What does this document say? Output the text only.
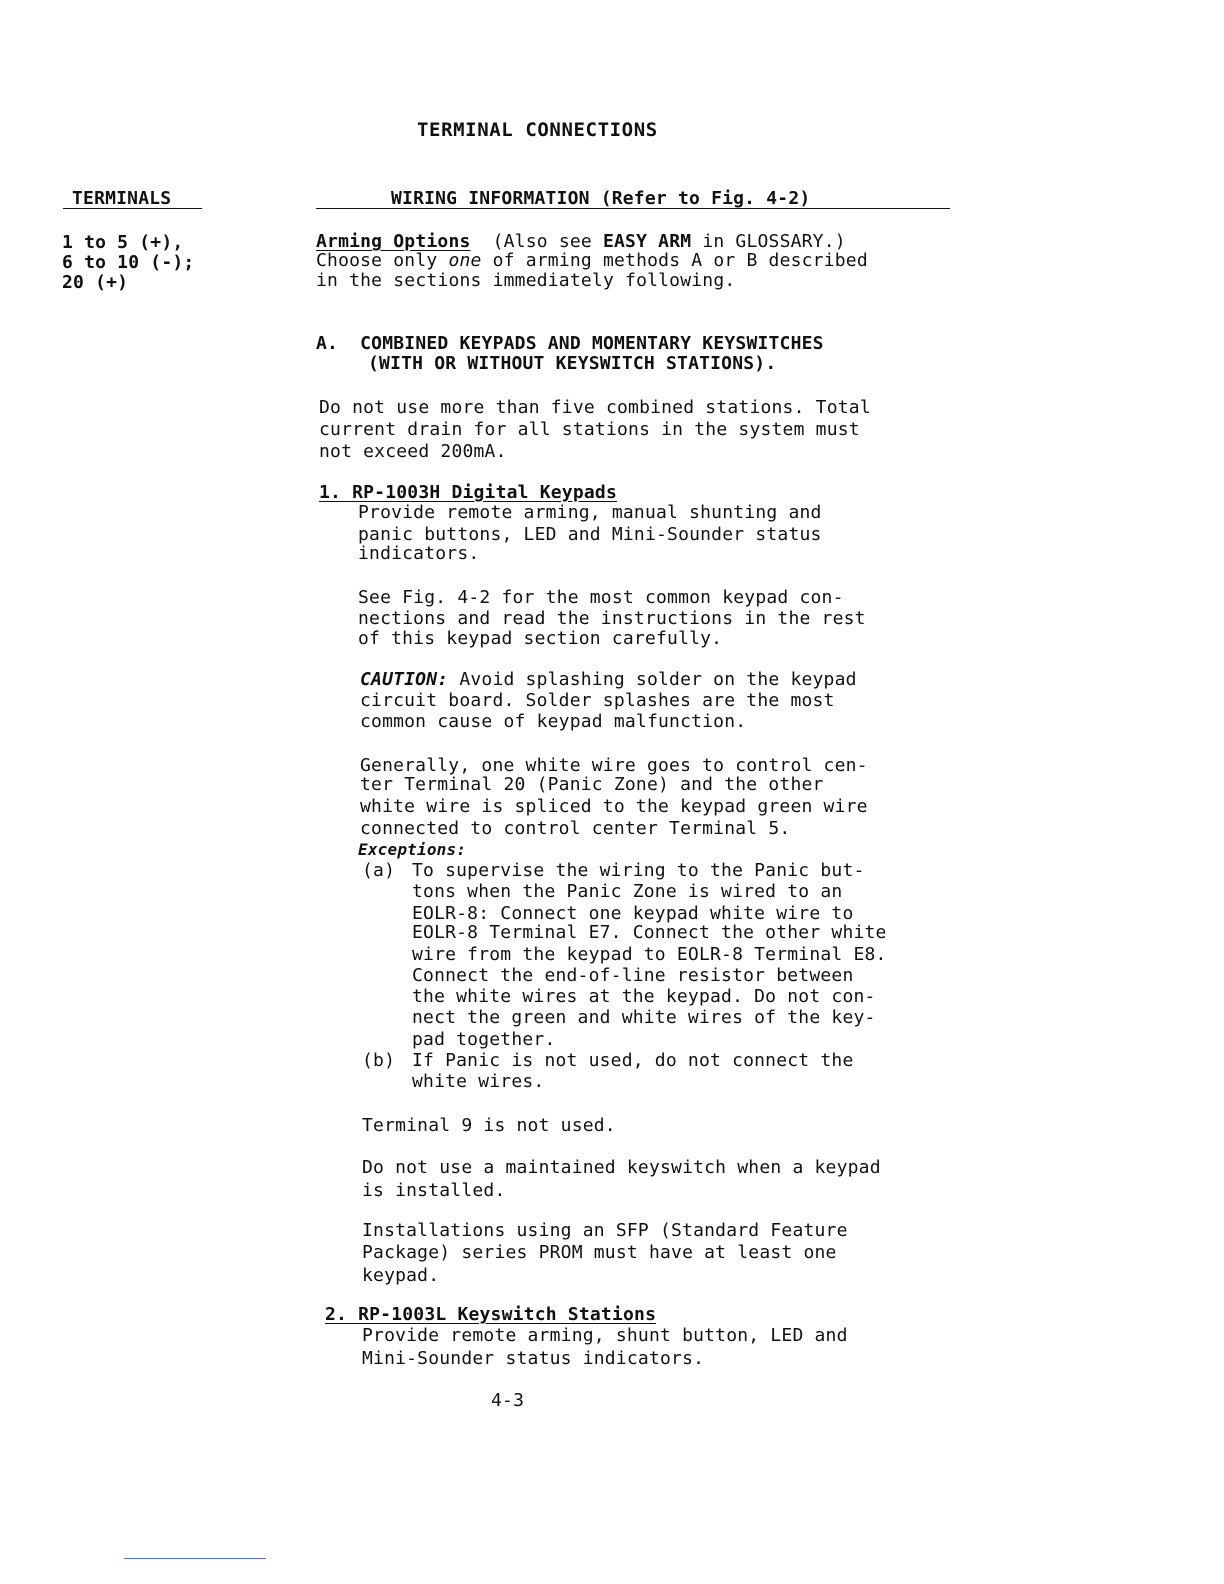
TERMINAL CONNECTIONS
TERMINALS
1 to 5 (+),
6 to 10 (-);
20 (+)
WIRING INFORMATION (Refer to Fig. 4-2)
Arming Options (Also see EASY ARM in GLOSSARY.)
Choose only one of arming methods A or B described
in the sections immediately following.
A.  COMBINED KEYPADS AND MOMENTARY KEYSWITCHES
(WITH OR WITHOUT KEYSWITCH STATIONS).
Do not use more than five combined stations. Total
current drain for all stations in the system must
not exceed 200mA.
1. RP-1003H Digital Keypads
Provide remote arming, manual shunting and
panic buttons, LED and Mini-Sounder status
indicators.
See Fig. 4-2 for the most common keypad con-
nections and read the instructions in the rest
of this keypad section carefully.
CAUTION: Avoid splashing solder on the keypad
circuit board. Solder splashes are the most
common cause of keypad malfunction.
Generally, one white wire goes to control cen-
ter Terminal 20 (Panic Zone) and the other
white wire is spliced to the keypad green wire
connected to control center Terminal 5.
Exceptions:
(a) To supervise the wiring to the Panic but-
tons when the Panic Zone is wired to an
EOLR-8: Connect one keypad white wire to
EOLR-8 Terminal E7. Connect the other white
wire from the keypad to EOLR-8 Terminal E8.
Connect the end-of-line resistor between
the white wires at the keypad. Do not con-
nect the green and white wires of the key-
pad together.
(b) If Panic is not used, do not connect the
white wires.
Terminal 9 is not used.
Do not use a maintained keyswitch when a keypad
is installed.
Installations using an SFP (Standard Feature
Package) series PROM must have at least one
keypad.
2. RP-1003L Keyswitch Stations
Provide remote arming, shunt button, LED and
Mini-Sounder status indicators.
4-3
